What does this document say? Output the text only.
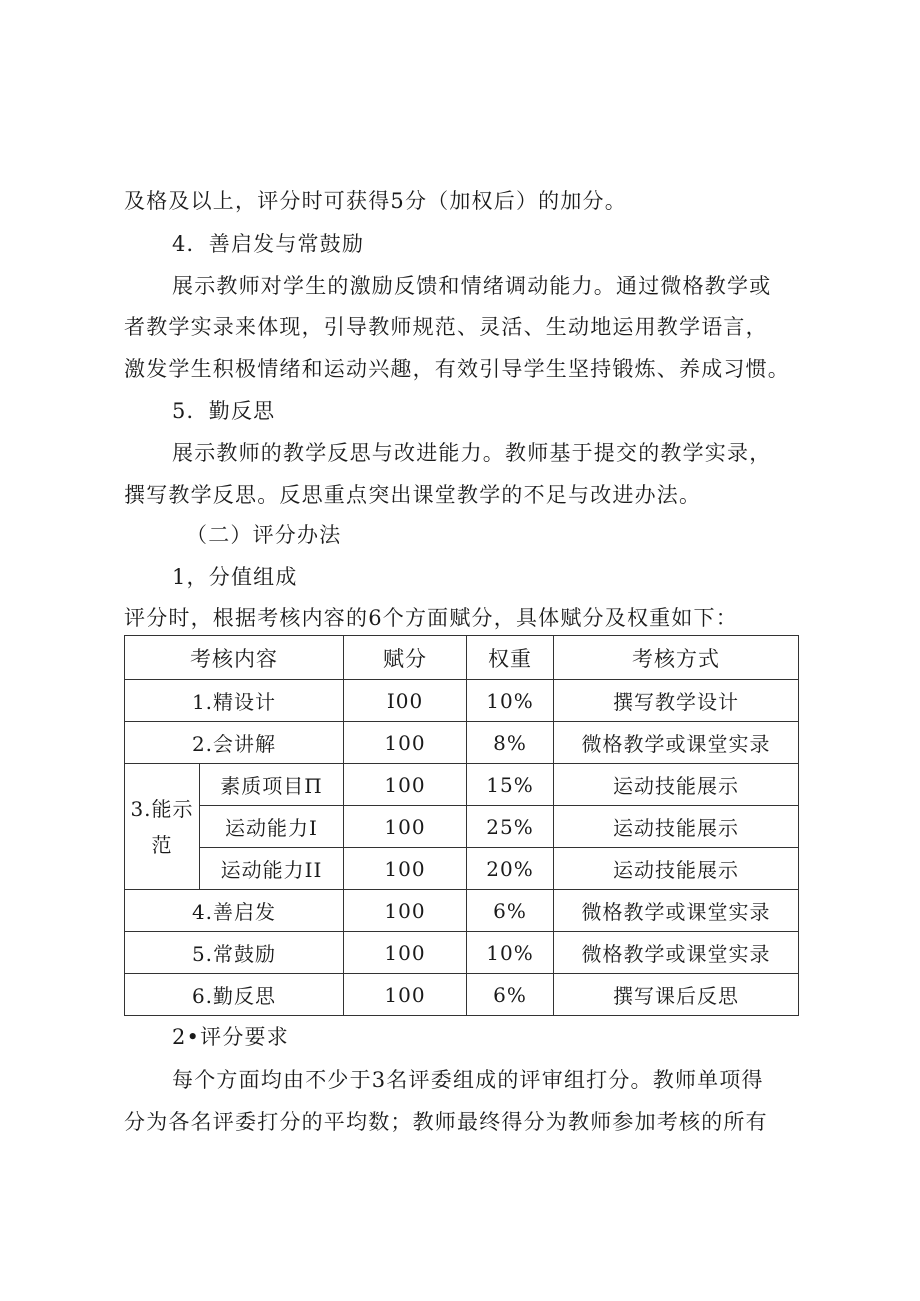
及格及以上，评分时可获得5分（加权后）的加分。
4．善启发与常鼓励
展示教师对学生的激励反馈和情绪调动能力。通过微格教学或
者教学实录来体现，引导教师规范、灵活、生动地运用教学语言，
激发学生积极情绪和运动兴趣，有效引导学生坚持锻炼、养成习惯。
5．勤反思
展示教师的教学反思与改进能力。教师基于提交的教学实录，
撰写教学反思。反思重点突出课堂教学的不足与改进办法。
（二）评分办法
1，分值组成
评分时，根据考核内容的6个方面赋分，具体赋分及权重如下：
考核内容		赋分	权重	考核方式
1.精设计		I00	10%	撰写教学设计
2.会讲解		100	8%	微格教学或课堂实录
3.能示范	素质项目Π	100	15%	运动技能展示
	运动能力I	100	25%	运动技能展示
	运动能力II	100	20%	运动技能展示
4.善启发		100	6%	微格教学或课堂实录
5.常鼓励		100	10%	微格教学或课堂实录
6.勤反思		100	6%	撰写课后反思
2•评分要求
每个方面均由不少于3名评委组成的评审组打分。教师单项得
分为各名评委打分的平均数；教师最终得分为教师参加考核的所有
